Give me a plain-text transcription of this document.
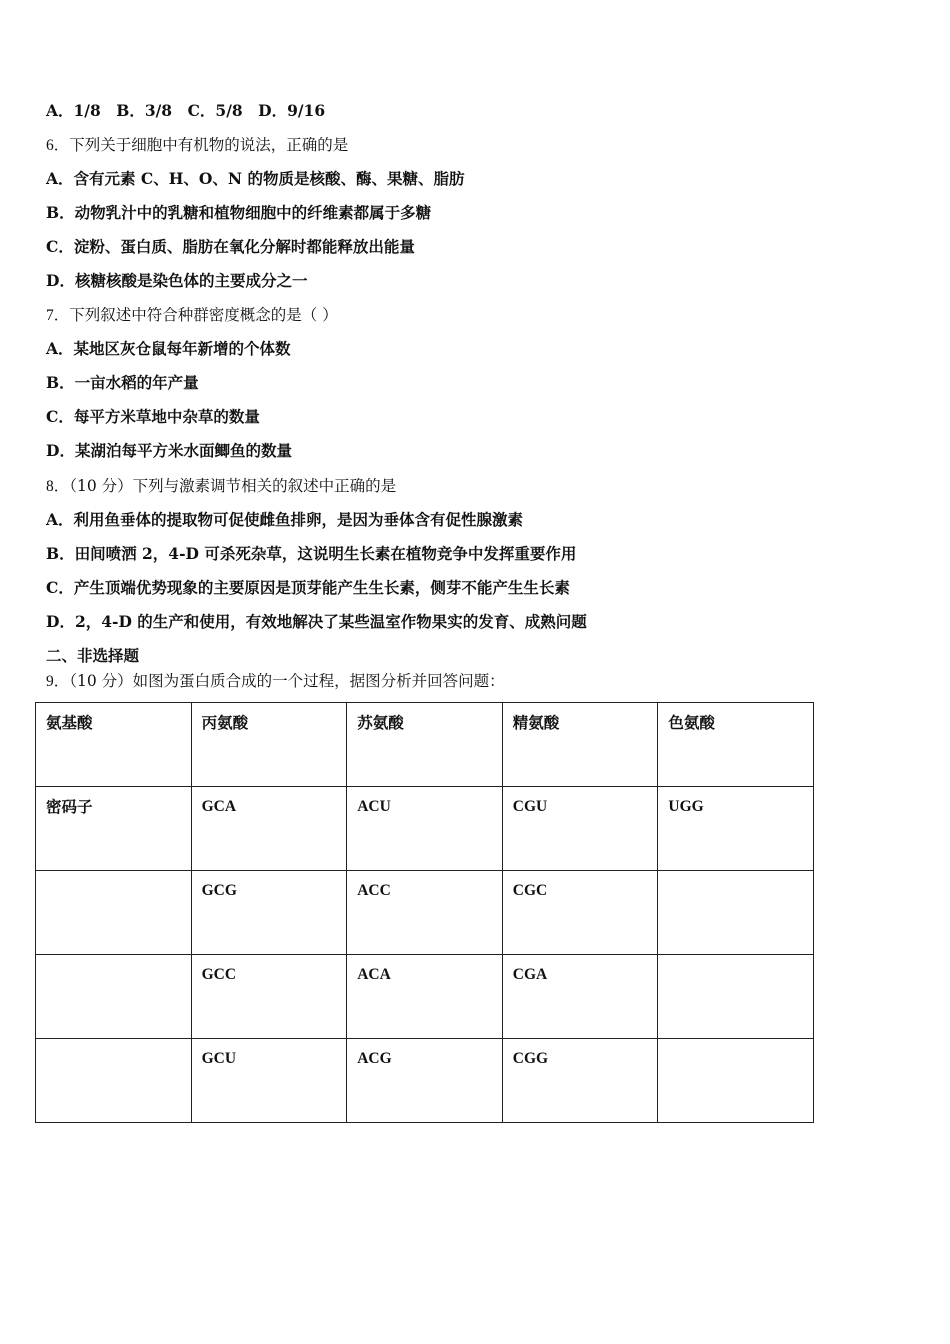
A．1/8　B．3/8　C．5/8　D．9/16
6．下列关于细胞中有机物的说法，正确的是
A．含有元素 C、H、O、N 的物质是核酸、酶、果糖、脂肪
B．动物乳汁中的乳糖和植物细胞中的纤维素都属于多糖
C．淀粉、蛋白质、脂肪在氧化分解时都能释放出能量
D．核糖核酸是染色体的主要成分之一
7．下列叙述中符合种群密度概念的是（ ）
A．某地区灰仓鼠每年新增的个体数
B．一亩水稻的年产量
C．每平方米草地中杂草的数量
D．某湖泊每平方米水面鲫鱼的数量
8．（10 分）下列与激素调节相关的叙述中正确的是
A．利用鱼垂体的提取物可促使雌鱼排卵，是因为垂体含有促性腺激素
B．田间喷洒 2，4-D 可杀死杂草，这说明生长素在植物竞争中发挥重要作用
C．产生顶端优势现象的主要原因是顶芽能产生生长素，侧芽不能产生生长素
D．2，4-D 的生产和使用，有效地解决了某些温室作物果实的发育、成熟问题
二、非选择题
9．（10 分）如图为蛋白质合成的一个过程，据图分析并回答问题：
氨基酸	丙氨酸	苏氨酸	精氨酸	色氨酸
密码子	GCA	ACU	CGU	UGG
	GCG	ACC	CGC	
	GCC	ACA	CGA	
	GCU	ACG	CGG	
